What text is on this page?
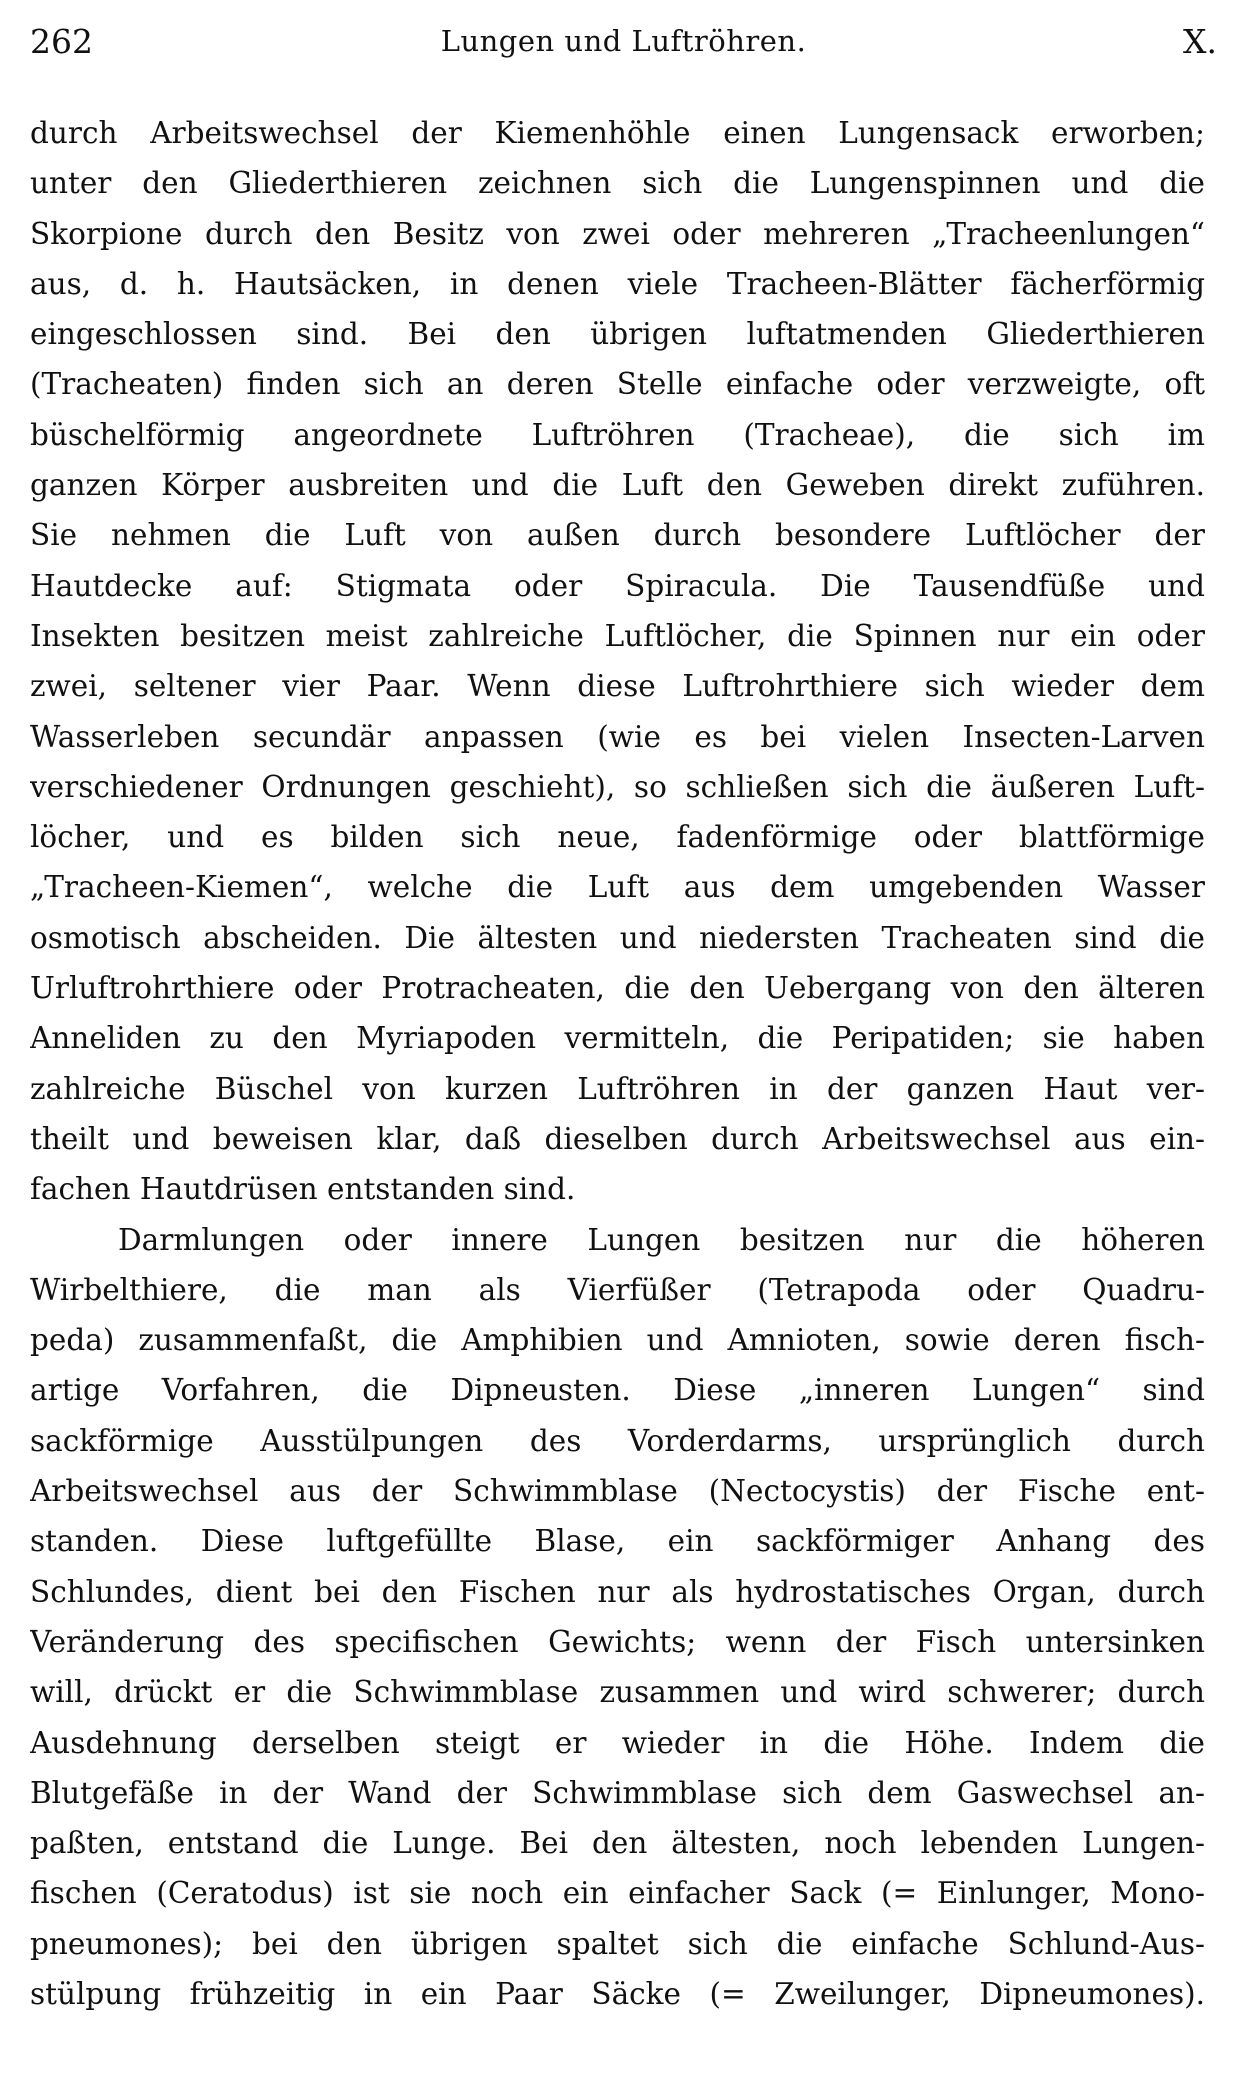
262	Lungen und Luftröhren.	X.
durch Arbeitswechsel der Kiemenhöhle einen Lungensack erworben;
unter den Gliederthieren zeichnen sich die Lungenspinnen und die
Skorpione durch den Besitz von zwei oder mehreren „Tracheenlungen“
aus, d. h. Hautsäcken, in denen viele Tracheen-Blätter fächerförmig
eingeschlossen sind. Bei den übrigen luftatmenden Gliederthieren
(Tracheaten) finden sich an deren Stelle einfache oder verzweigte, oft
büschelförmig angeordnete Luftröhren (Tracheae), die sich im
ganzen Körper ausbreiten und die Luft den Geweben direkt zuführen.
Sie nehmen die Luft von außen durch besondere Luftlöcher der
Hautdecke auf: Stigmata oder Spiracula. Die Tausendfüße und
Insekten besitzen meist zahlreiche Luftlöcher, die Spinnen nur ein oder
zwei, seltener vier Paar. Wenn diese Luftrohrthiere sich wieder dem
Wasserleben secundär anpassen (wie es bei vielen Insecten-Larven
verschiedener Ordnungen geschieht), so schließen sich die äußeren Luft-
löcher, und es bilden sich neue, fadenförmige oder blattförmige
„Tracheen-Kiemen“, welche die Luft aus dem umgebenden Wasser
osmotisch abscheiden. Die ältesten und niedersten Tracheaten sind die
Urluftrohrthiere oder Protracheaten, die den Uebergang von den älteren
Anneliden zu den Myriapoden vermitteln, die Peripatiden; sie haben
zahlreiche Büschel von kurzen Luftröhren in der ganzen Haut ver-
theilt und beweisen klar, daß dieselben durch Arbeitswechsel aus ein-
fachen Hautdrüsen entstanden sind.
Darmlungen oder innere Lungen besitzen nur die höheren
Wirbelthiere, die man als Vierfüßer (Tetrapoda oder Quadru-
peda) zusammenfaßt, die Amphibien und Amnioten, sowie deren fisch-
artige Vorfahren, die Dipneusten. Diese „inneren Lungen“ sind
sackförmige Ausstülpungen des Vorderdarms, ursprünglich durch
Arbeitswechsel aus der Schwimmblase (Nectocystis) der Fische ent-
standen. Diese luftgefüllte Blase, ein sackförmiger Anhang des
Schlundes, dient bei den Fischen nur als hydrostatisches Organ, durch
Veränderung des specifischen Gewichts; wenn der Fisch untersinken
will, drückt er die Schwimmblase zusammen und wird schwerer; durch
Ausdehnung derselben steigt er wieder in die Höhe. Indem die
Blutgefäße in der Wand der Schwimmblase sich dem Gaswechsel an-
paßten, entstand die Lunge. Bei den ältesten, noch lebenden Lungen-
fischen (Ceratodus) ist sie noch ein einfacher Sack (= Einlunger, Mono-
pneumones); bei den übrigen spaltet sich die einfache Schlund-Aus-
stülpung frühzeitig in ein Paar Säcke (= Zweilunger, Dipneumones).
